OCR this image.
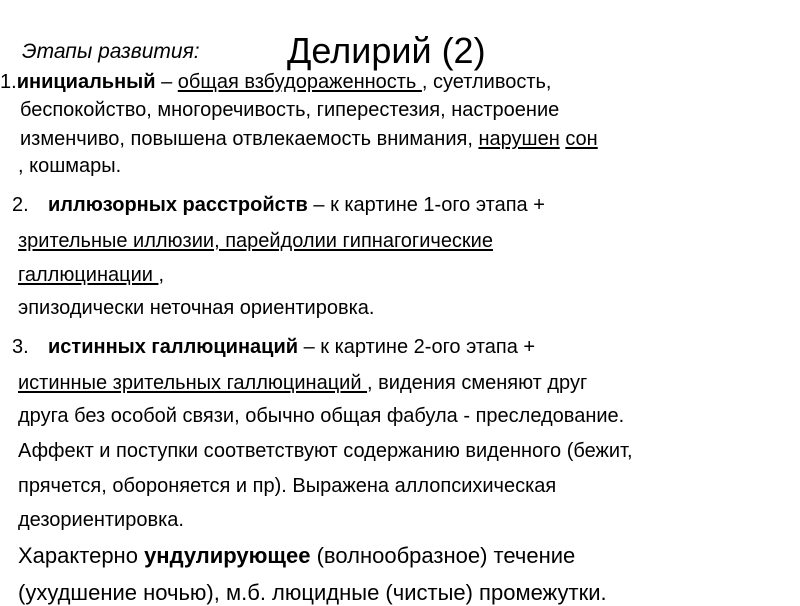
Этапы развития: Делирий (2)
1.инициальный – общая взбудораженность , суетливость,
беспокойство, многоречивость, гиперестезия, настроение
изменчиво, повышена отвлекаемость внимания, нарушен сон
, кошмары.
2. иллюзорных расстройств – к картине 1-ого этапа +
зрительные иллюзии, парейдолии гипнагогические
галлюцинации ,
эпизодически неточная ориентировка.
3. истинных галлюцинаций – к картине 2-ого этапа +
истинные зрительных галлюцинаций , видения сменяют друг
друга без особой связи, обычно общая фабула - преследование.
Аффект и поступки соответствуют содержанию виденного (бежит,
прячется, обороняется и пр). Выражена аллопсихическая
дезориентировка.
Характерно ундулирующее (волнообразное) течение
(ухудшение ночью), м.б. люцидные (чистые) промежутки.
